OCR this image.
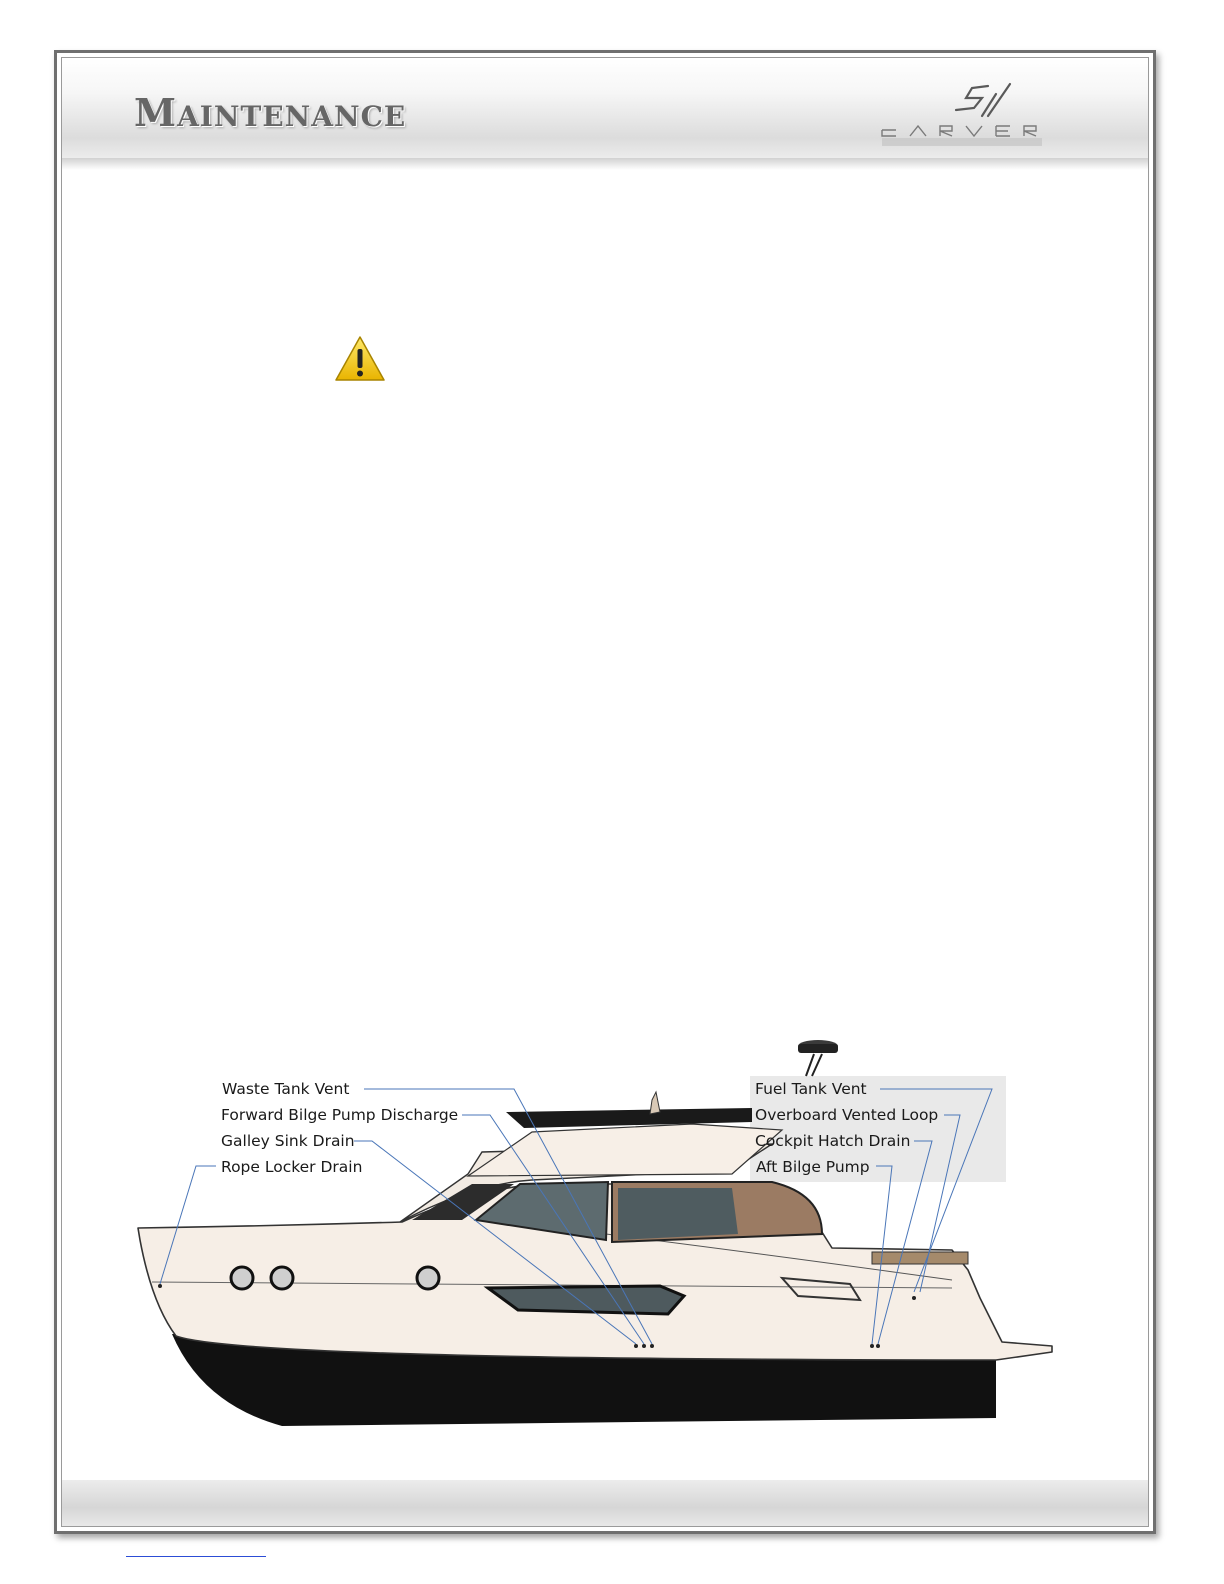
MAINTENANCE
Waste Tank Vent
Forward Bilge Pump Discharge
Galley Sink Drain
Rope Locker Drain
Fuel Tank Vent
Overboard Vented Loop
Cockpit Hatch Drain
Aft Bilge Pump
